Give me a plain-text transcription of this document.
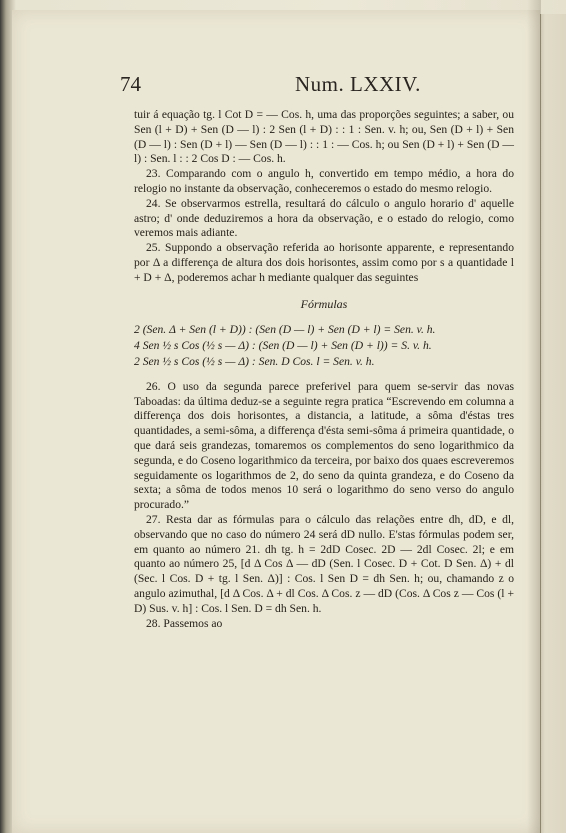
74	Num. LXXIV.

tuir á equação tg. l Cot D = — Cos. h, uma das proporções seguintes; a saber, ou Sen (l + D) + Sen (D — l) : 2 Sen (l + D) : : 1 : Sen. v. h; ou, Sen (D + l) + Sen (D — l) : Sen (D + l) — Sen (D — l) : : 1 : — Cos. h; ou Sen (D + l) + Sen (D — l) : Sen. l : : 2 Cos D : — Cos. h.

23. Comparando com o angulo h, convertido em tempo médio, a hora do relogio no instante da observação, conheceremos o estado do mesmo relogio.

24. Se observarmos estrella, resultará do cálculo o angulo horario d' aquelle astro; d' onde deduziremos a hora da observação, e o estado do relogio, como veremos mais adiante.

25. Suppondo a observação referida ao horisonte apparente, e representando por Δ a differença de altura dos dois horisontes, assim como por s a quantidade l + D + Δ, poderemos achar h mediante qualquer das seguintes

Fórmulas

2 (Sen. Δ + Sen (l + D)) : (Sen (D — l) + Sen (D + l) = Sen. v. h.

4 Sen ½ s Cos (½ s — Δ) : (Sen (D — l) + Sen (D + l)) = S. v. h.

2 Sen ½ s Cos (½ s — Δ) : Sen. D Cos. l = Sen. v. h.

26. O uso da segunda parece preferivel para quem se-servir das novas Taboadas: da última deduz-se a seguinte regra pratica “Escrevendo em columna a differença dos dois horisontes, a distancia, a latitude, a sôma d'éstas tres quantidades, a semi-sôma, a differença d'ésta semi-sôma á primeira quantidade, o que dará seis grandezas, tomaremos os complementos do seno logarithmico da segunda, e do Coseno logarithmico da terceira, por baixo dos quaes escreveremos seguidamente os logarithmos de 2, do seno da quinta grandeza, e do Coseno da sexta; a sôma de todos menos 10 será o logarithmo do seno verso do angulo procurado.”

27. Resta dar as fórmulas para o cálculo das relações entre dh, dD, e dl, observando que no caso do número 24 será dD nullo. E'stas fórmulas podem ser, em quanto ao número 21. dh tg. h = 2dD Cosec. 2D — 2dl Cosec. 2l; e em quanto ao número 25, [d Δ Cos Δ — dD (Sen. l Cosec. D + Cot. D Sen. Δ) + dl (Sec. l Cos. D + tg. l Sen. Δ)] : Cos. l Sen D = dh Sen. h; ou, chamando z o angulo azimuthal, [d Δ Cos. Δ + dl Cos. Δ Cos. z — dD (Cos. Δ Cos z — Cos (l + D) Sus. v. h] : Cos. l Sen. D = dh Sen. h.

28. Passemos ao
